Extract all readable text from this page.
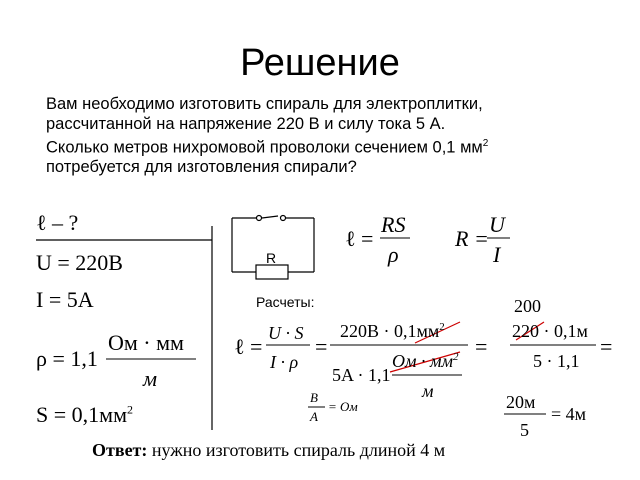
Решение
Вам необходимо изготовить спираль для электроплитки,
рассчитанной на напряжение 220 В и силу тока 5 А.
Сколько метров нихромовой проволоки сечением 0,1 $мм^2$
потребуется для изготовления спирали?
ℓ – ?
U = 220B
I = 5A
ρ = 1,1
Ом · мм
м
$S = 0,1мм^2$
R
ℓ =
RS
ρ
R =
U
I
Расчеты:
ℓ =
U · S
I · ρ
=
$220B \cdot 0,1мм^2$
5A · 1,1
Ом · $мм^2$
м
=
200
220 · 0,1м
5 · 1,1
=
B
A
= Ом	20м
5
= 4м
Ответ: нужно изготовить спираль длиной 4 м
